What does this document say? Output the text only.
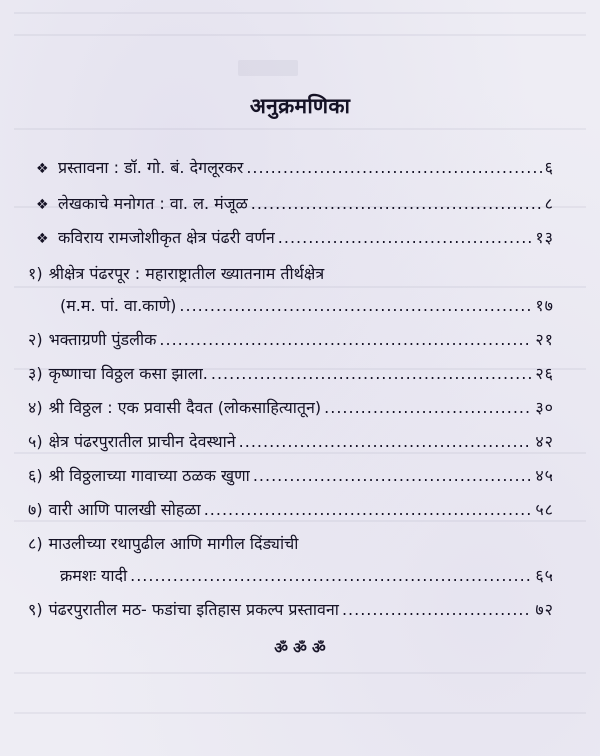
अनुक्रमणिका
❖ प्रस्तावना : डॉ. गो. बं. देगलूरकर .....	६
❖ लेखकाचे मनोगत : वा. ल. मंजूळ .....	८
❖ कविराय रामजोशीकृत क्षेत्र पंढरी वर्णन .....	१३
१) श्रीक्षेत्र पंढरपूर : महाराष्ट्रातील ख्यातनाम तीर्थक्षेत्र
(म.म. पां. वा.काणे) .....	१७
२) भक्ताग्रणी पुंडलीक .....	२१
३) कृष्णाचा विठ्ठल कसा झाला. .....	२६
४) श्री विठ्ठल : एक प्रवासी दैवत (लोकसाहित्यातून) .....	३०
५) क्षेत्र पंढरपुरातील प्राचीन देवस्थाने .....	४२
६) श्री विठ्ठलाच्या गावाच्या ठळक खुणा .....	४५
७) वारी आणि पालखी सोहळा .....	५८
८) माउलीच्या रथापुढील आणि मागील दिंड्यांची
क्रमशः यादी .....	६५
९) पंढरपुरातील मठ- फडांचा इतिहास प्रकल्प प्रस्तावना .....	७२
ॐ ॐ ॐ
